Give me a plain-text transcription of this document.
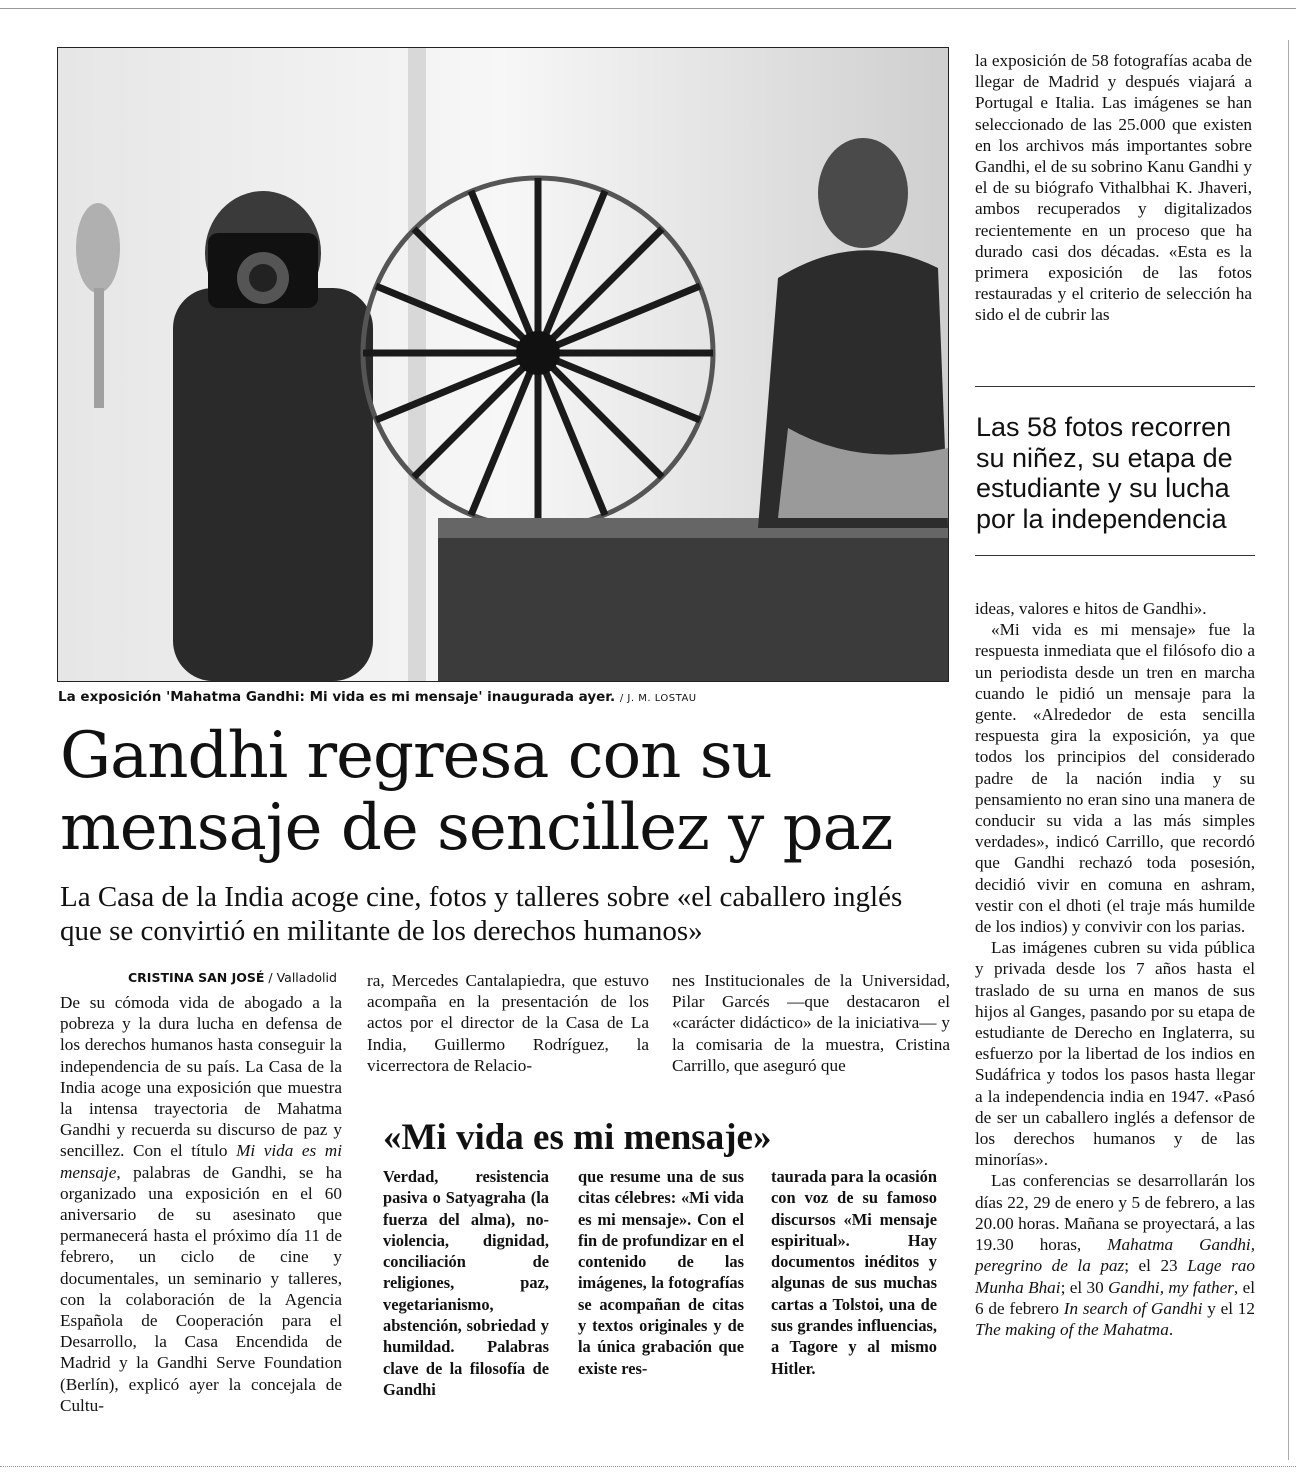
La exposición 'Mahatma Gandhi: Mi vida es mi mensaje' inaugurada ayer. / J. M. LOSTAU
Gandhi regresa con su
mensaje de sencillez y paz

La Casa de la India acoge cine, fotos y talleres sobre «el caballero inglés que se convirtió en militante de los derechos humanos»

CRISTINA SAN JOSÉ / Valladolid

De su cómoda vida de abogado a la pobreza y la dura lucha en defensa de los derechos humanos hasta conseguir la independencia de su país. La Casa de la India acoge una exposición que muestra la intensa trayectoria de Mahatma Gandhi y recuerda su discurso de paz y sencillez. Con el título Mi vida es mi mensaje, palabras de Gandhi, se ha organizado una exposición en el 60 aniversario de su asesinato que permanecerá hasta el próximo día 11 de febrero, un ciclo de cine y documentales, un seminario y talleres, con la colaboración de la Agencia Española de Cooperación para el Desarrollo, la Casa Encendida de Madrid y la Gandhi Serve Foundation (Berlín), explicó ayer la concejala de Cultu-

ra, Mercedes Cantalapiedra, que estuvo acompaña en la presentación de los actos por el director de la Casa de La India, Guillermo Rodríguez, la vicerrectora de Relacio-

nes Institucionales de la Universidad, Pilar Garcés —que destacaron el «carácter didáctico» de la iniciativa— y la comisaria de la muestra, Cristina Carrillo, que aseguró que

«Mi vida es mi mensaje»

Verdad, resistencia pasiva o Satyagraha (la fuerza del alma), no-violencia, dignidad, conciliación de religiones, paz, vegetarianismo, abstención, sobriedad y humildad. Palabras clave de la filosofía de Gandhi

que resume una de sus citas célebres: «Mi vida es mi mensaje». Con el fin de profundizar en el contenido de las imágenes, la fotografías se acompañan de citas y textos originales y de la única grabación que existe res-

taurada para la ocasión con voz de su famoso discursos «Mi mensaje espiritual». Hay documentos inéditos y algunas de sus muchas cartas a Tolstoi, una de sus grandes influencias, a Tagore y al mismo Hitler.

la exposición de 58 fotografías acaba de llegar de Madrid y después viajará a Portugal e Italia. Las imágenes se han seleccionado de las 25.000 que existen en los archivos más importantes sobre Gandhi, el de su sobrino Kanu Gandhi y el de su biógrafo Vithalbhai K. Jhaveri, ambos recuperados y digitalizados recientemente en un proceso que ha durado casi dos décadas. «Esta es la primera exposición de las fotos restauradas y el criterio de selección ha sido el de cubrir las

Las 58 fotos recorren su niñez, su etapa de estudiante y su lucha por la independencia

ideas, valores e hitos de Gandhi».
«Mi vida es mi mensaje» fue la respuesta inmediata que el filósofo dio a un periodista desde un tren en marcha cuando le pidió un mensaje para la gente. «Alrededor de esta sencilla respuesta gira la exposición, ya que todos los principios del considerado padre de la nación india y su pensamiento no eran sino una manera de conducir su vida a las más simples verdades», indicó Carrillo, que recordó que Gandhi rechazó toda posesión, decidió vivir en comuna en ashram, vestir con el dhoti (el traje más humilde de los indios) y convivir con los parias.
Las imágenes cubren su vida pública y privada desde los 7 años hasta el traslado de su urna en manos de sus hijos al Ganges, pasando por su etapa de estudiante de Derecho en Inglaterra, su esfuerzo por la libertad de los indios en Sudáfrica y todos los pasos hasta llegar a la independencia india en 1947. «Pasó de ser un caballero inglés a defensor de los derechos humanos y de las minorías».
Las conferencias se desarrollarán los días 22, 29 de enero y 5 de febrero, a las 20.00 horas. Mañana se proyectará, a las 19.30 horas, Mahatma Gandhi, peregrino de la paz; el 23 Lage rao Munha Bhai; el 30 Gandhi, my father, el 6 de febrero In search of Gandhi y el 12 The making of the Mahatma.
